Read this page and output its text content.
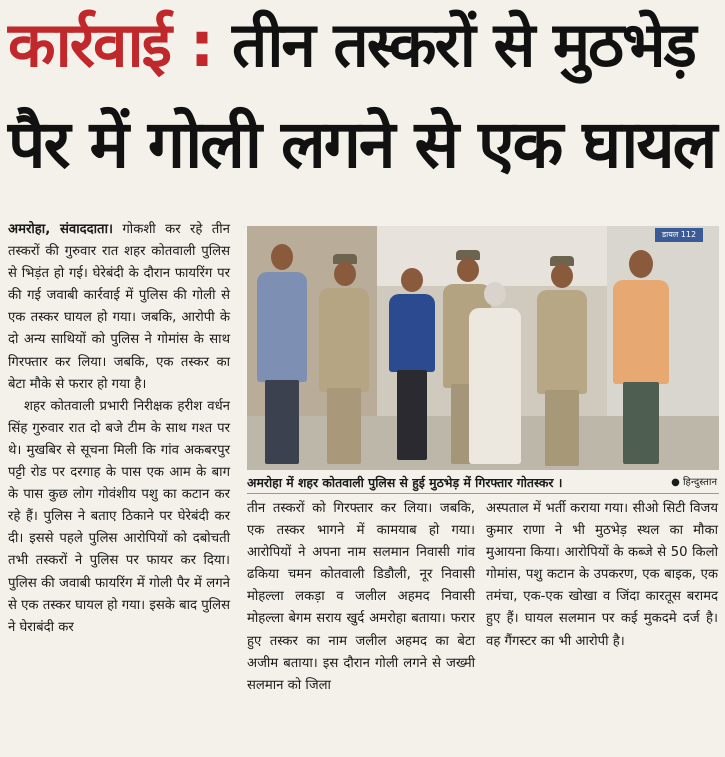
कार्रवाई : तीन तस्करों से मुठभेड़
पैर में गोली लगने से एक घायल

अमरोहा, संवाददाता। गोकशी कर रहे तीन तस्करों की गुरुवार रात शहर कोतवाली पुलिस से भिड़ंत हो गई। घेरेबंदी के दौरान फायरिंग पर की गई जवाबी कार्रवाई में पुलिस की गोली से एक तस्कर घायल हो गया। जबकि, आरोपी के दो अन्य साथियों को पुलिस ने गोमांस के साथ गिरफ्तार कर लिया। जबकि, एक तस्कर का बेटा मौके से फरार हो गया है।

शहर कोतवाली प्रभारी निरीक्षक हरीश वर्धन सिंह गुरुवार रात दो बजे टीम के साथ गश्त पर थे। मुखबिर से सूचना मिली कि गांव अकबरपुर पट्टी रोड पर दरगाह के पास एक आम के बाग के पास कुछ लोग गोवंशीय पशु का कटान कर रहे हैं। पुलिस ने बताए ठिकाने पर घेरेबंदी कर दी। इससे पहले पुलिस आरोपियों को दबोचती तभी तस्करों ने पुलिस पर फायर कर दिया। पुलिस की जवाबी फायरिंग में गोली पैर में लगने से एक तस्कर घायल हो गया। इसके बाद पुलिस ने घेराबंदी कर

डायल 112
अमरोहा में शहर कोतवाली पुलिस से हुई मुठभेड़ में गिरफ्तार गोतस्कर ।	● हिन्दुस्तान

तीन तस्करों को गिरफ्तार कर लिया। जबकि, एक तस्कर भागने में कामयाब हो गया। आरोपियों ने अपना नाम सलमान निवासी गांव ढकिया चमन कोतवाली डिडौली, नूर निवासी मोहल्ला लकड़ा व जलील अहमद निवासी मोहल्ला बेगम सराय खुर्द अमरोहा बताया। फरार हुए तस्कर का नाम जलील अहमद का बेटा अजीम बताया। इस दौरान गोली लगने से जख्मी सलमान को जिला

अस्पताल में भर्ती कराया गया। सीओ सिटी विजय कुमार राणा ने भी मुठभेड़ स्थल का मौका मुआयना किया। आरोपियों के कब्जे से 50 किलो गोमांस, पशु कटान के उपकरण, एक बाइक, एक तमंचा, एक-एक खोखा व जिंदा कारतूस बरामद हुए हैं। घायल सलमान पर कई मुकदमे दर्ज है। वह गैंगस्टर का भी आरोपी है।
